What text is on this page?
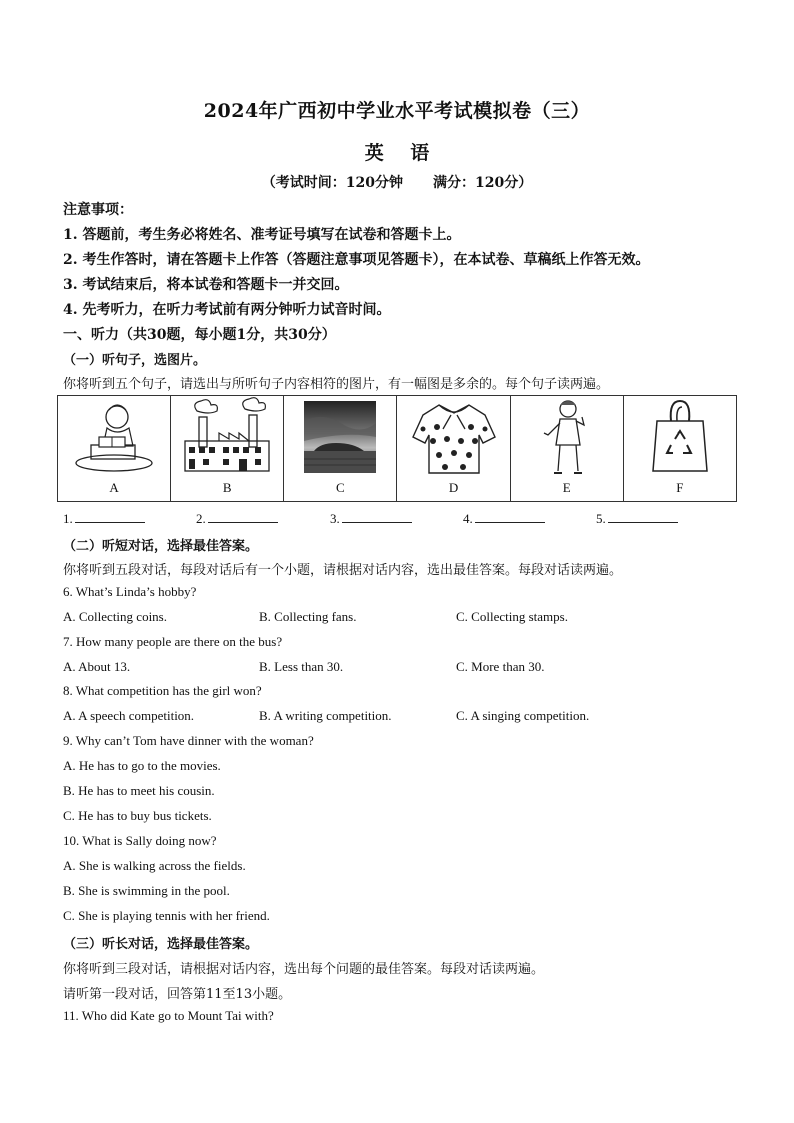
2024年广西初中学业水平考试模拟卷（三）
英 语
（考试时间：120分钟 满分：120分）
注意事项：
1. 答题前，考生务必将姓名、准考证号填写在试卷和答题卡上。
2. 考生作答时，请在答题卡上作答（答题注意事项见答题卡），在本试卷、草稿纸上作答无效。
3. 考试结束后，将本试卷和答题卡一并交回。
4. 先考听力，在听力考试前有两分钟听力试音时间。
一、听力（共30题，每小题1分，共30分）
（一）听句子，选图片。
你将听到五个句子，请选出与所听句子内容相符的图片，有一幅图是多余的。每个句子读两遍。
A	B	C	D	E	F
1.	2.	3.	4.	5.
（二）听短对话，选择最佳答案。
你将听到五段对话，每段对话后有一个小题，请根据对话内容，选出最佳答案。每段对话读两遍。
6. What’s Linda’s hobby?
A. Collecting coins.	B. Collecting fans.	C. Collecting stamps.
7. How many people are there on the bus?
A. About 13.	B. Less than 30.	C. More than 30.
8. What competition has the girl won?
A. A speech competition.	B. A writing competition.	C. A singing competition.
9. Why can’t Tom have dinner with the woman?
A. He has to go to the movies.
B. He has to meet his cousin.
C. He has to buy bus tickets.
10. What is Sally doing now?
A. She is walking across the fields.
B. She is swimming in the pool.
C. She is playing tennis with her friend.
（三）听长对话，选择最佳答案。
你将听到三段对话，请根据对话内容，选出每个问题的最佳答案。每段对话读两遍。
请听第一段对话，回答第11至13小题。
11. Who did Kate go to Mount Tai with?
